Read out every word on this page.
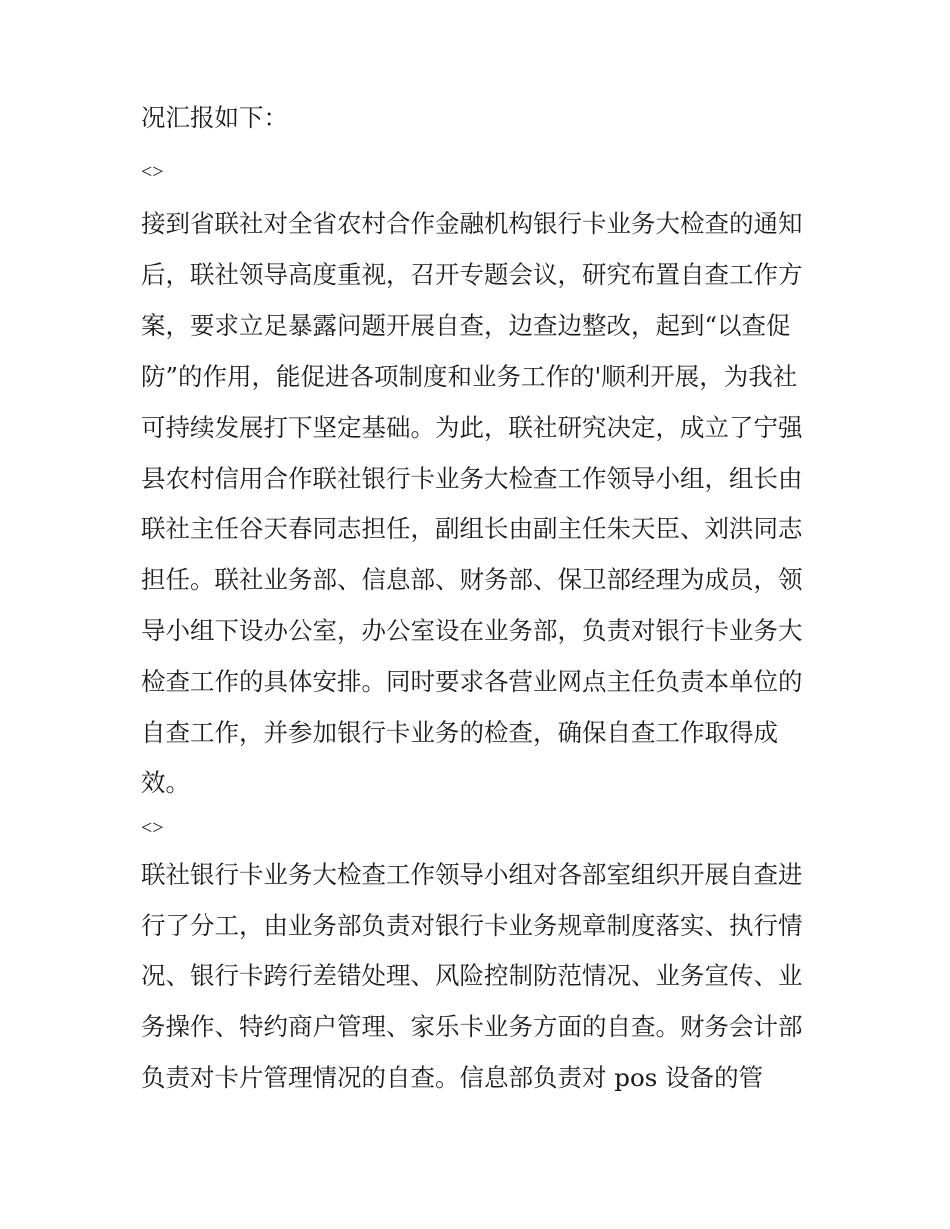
况汇报如下：
<>
接到省联社对全省农村合作金融机构银行卡业务大检查的通知
后，联社领导高度重视，召开专题会议，研究布置自查工作方
案，要求立足暴露问题开展自查，边查边整改，起到“以查促
防”的作用，能促进各项制度和业务工作的'顺利开展，为我社
可持续发展打下坚定基础。为此，联社研究决定，成立了宁强
县农村信用合作联社银行卡业务大检查工作领导小组，组长由
联社主任谷天春同志担任，副组长由副主任朱天臣、刘洪同志
担任。联社业务部、信息部、财务部、保卫部经理为成员，领
导小组下设办公室，办公室设在业务部，负责对银行卡业务大
检查工作的具体安排。同时要求各营业网点主任负责本单位的
自查工作，并参加银行卡业务的检查，确保自查工作取得成
效。
<>
联社银行卡业务大检查工作领导小组对各部室组织开展自查进
行了分工，由业务部负责对银行卡业务规章制度落实、执行情
况、银行卡跨行差错处理、风险控制防范情况、业务宣传、业
务操作、特约商户管理、家乐卡业务方面的自查。财务会计部
负责对卡片管理情况的自查。信息部负责对 pos 设备的管
